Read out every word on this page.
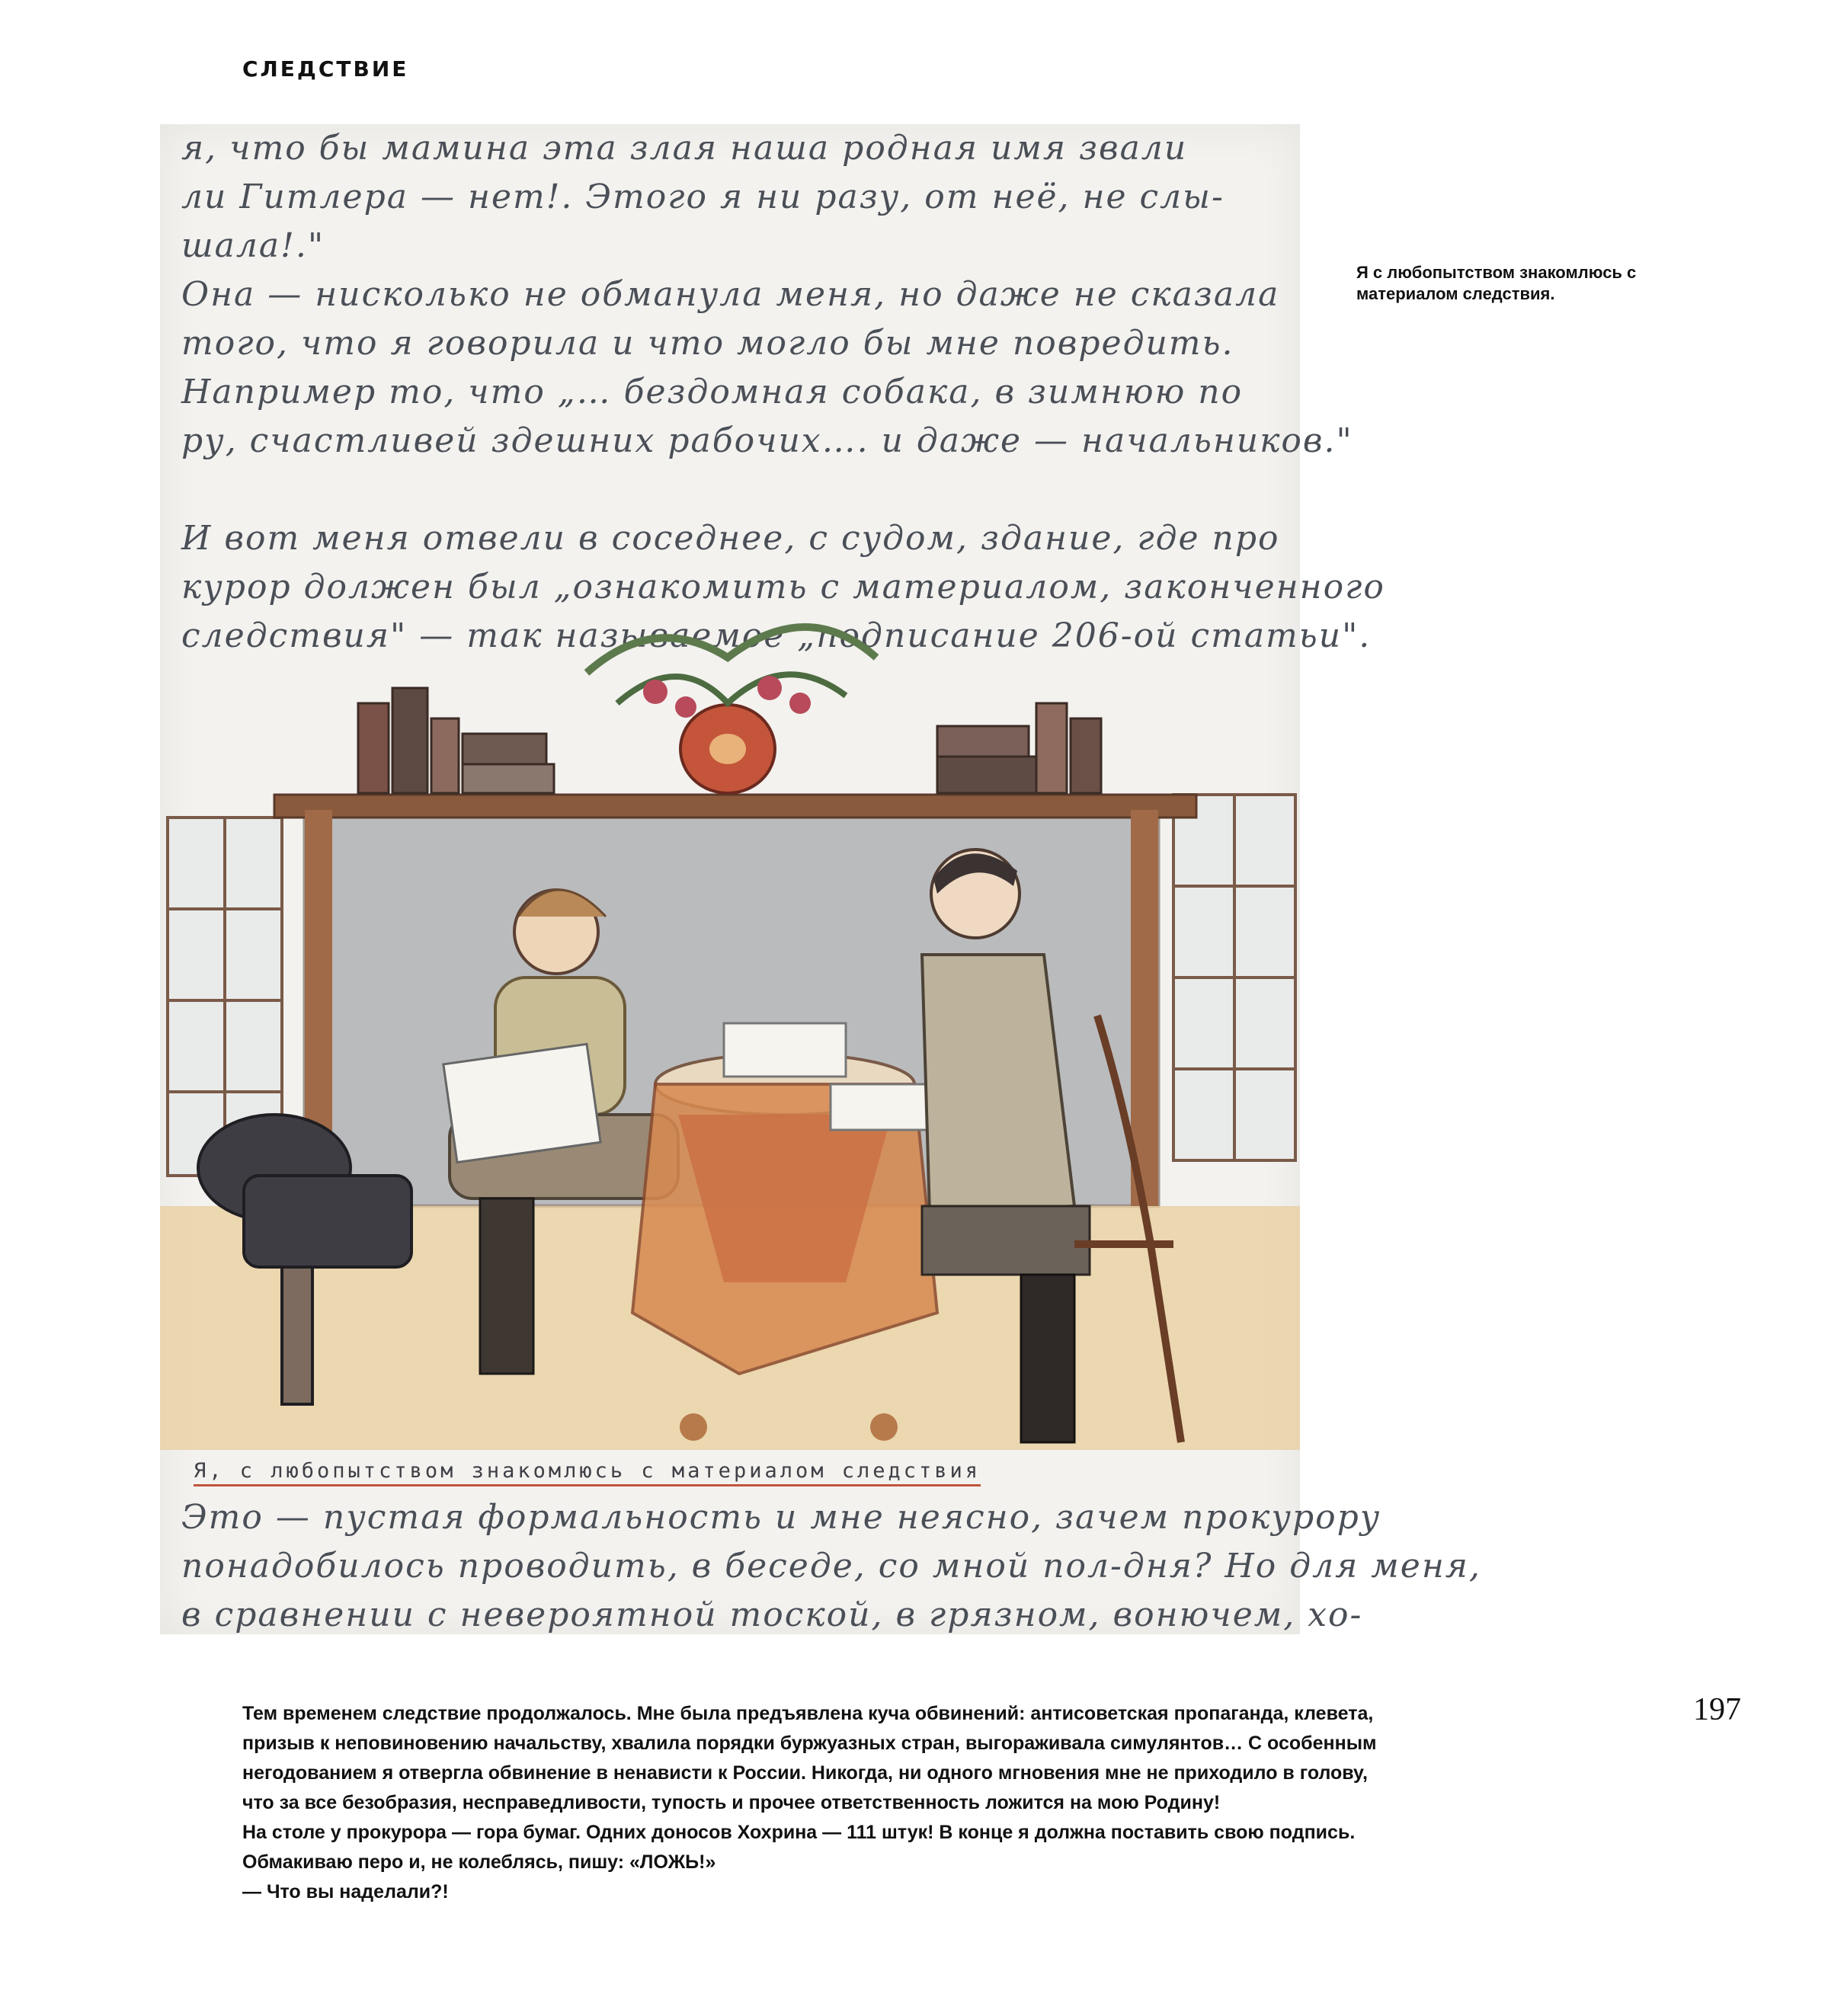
СЛЕДСТВИЕ
я, что бы мамина эта злая наша родная имя звали
ли Гитлера — нет!. Этого я ни разу, от неё, не слы-
шала!."
Она — нисколько не обманула меня, но даже не сказала
того, что я говорила и что могло бы мне повредить.
Например то, что „… бездомная собака, в зимнюю по
ру, счастливей здешних рабочих…. и даже — начальников."

И вот меня отвели в соседнее, с судом, здание, где про
курор должен был „ознакомить с материалом, законченного
следствия" — так называемое „подписание 206-ой статьи".
Я, с любопытством знакомлюсь с материалом следствия
Это — пустая формальность и мне неясно, зачем прокурору
понадобилось проводить, в беседе, со мной пол-дня? Но для меня,
в сравнении с невероятной тоской, в грязном, вонючем, хо-
Я с любопытством знакомлюсь с материалом следствия.
197

Тем временем следствие продолжалось. Мне была предъявлена куча обвинений: антисоветская пропаганда, клевета,

призыв к неповиновению начальству, хвалила порядки буржуазных стран, выгораживала симулянтов… С особенным

негодованием я отвергла обвинение в ненависти к России. Никогда, ни одного мгновения мне не приходило в голову,

что за все безобразия, несправедливости, тупость и прочее ответственность ложится на мою Родину!

На столе у прокурора — гора бумаг. Одних доносов Хохрина — 111 штук! В конце я должна поставить свою подпись.

Обмакиваю перо и, не колеблясь, пишу: «ЛОЖЬ!»

— Что вы наделали?!
